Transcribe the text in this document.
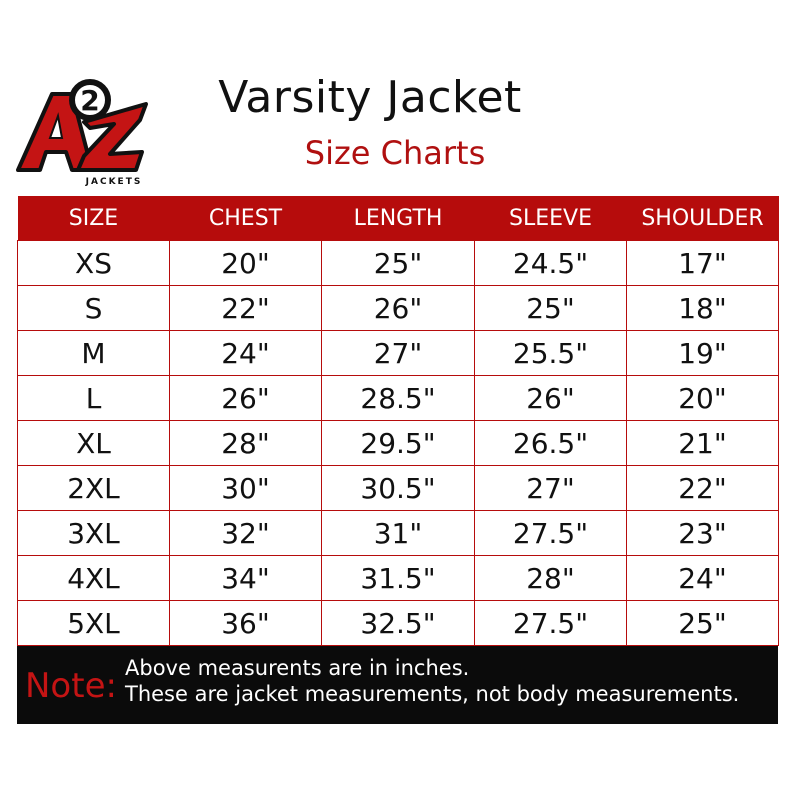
2
JACKETS
Varsity Jacket
Size Charts
SIZE	CHEST	LENGTH	SLEEVE	SHOULDER
XS	20"	25"	24.5"	17"
S	22"	26"	25"	18"
M	24"	27"	25.5"	19"
L	26"	28.5"	26"	20"
XL	28"	29.5"	26.5"	21"
2XL	30"	30.5"	27"	22"
3XL	32"	31"	27.5"	23"
4XL	34"	31.5"	28"	24"
5XL	36"	32.5"	27.5"	25"
Note: Above measurents are in inches.
These are jacket measurements, not body measurements.
